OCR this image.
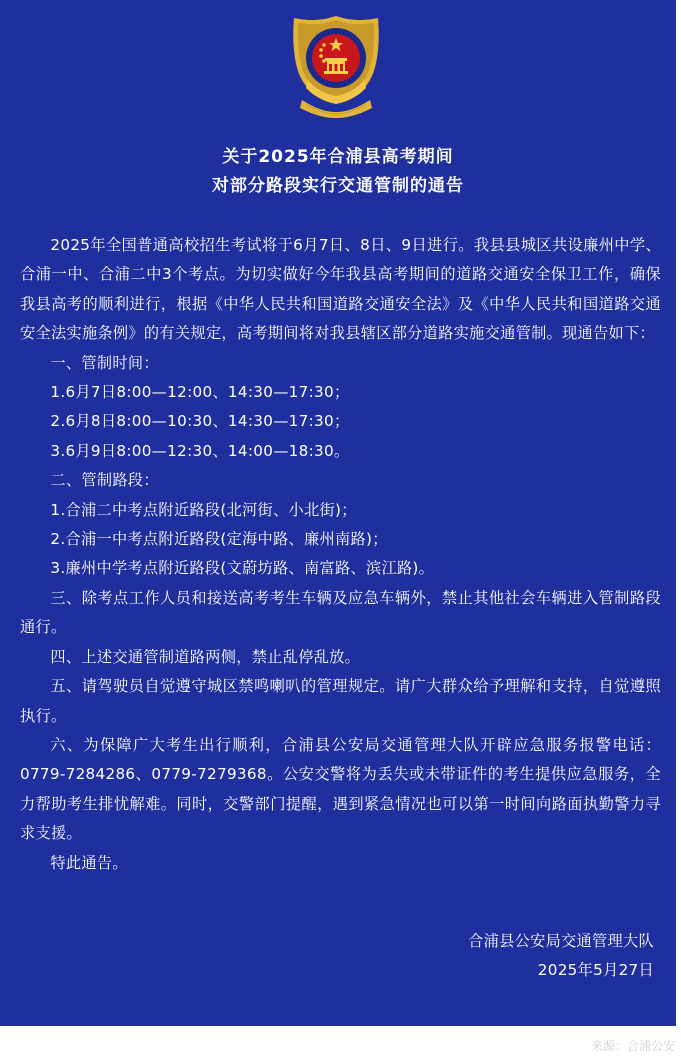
关于2025年合浦县高考期间
对部分路段实行交通管制的通告

2025年全国普通高校招生考试将于6月7日、8日、9日进行。我县县城区共设廉州中学、合浦一中、合浦二中3个考点。为切实做好今年我县高考期间的道路交通安全保卫工作，确保我县高考的顺利进行，根据《中华人民共和国道路交通安全法》及《中华人民共和国道路交通安全法实施条例》的有关规定，高考期间将对我县辖区部分道路实施交通管制。现通告如下：

一、管制时间：

1.6月7日8:00—12:00、14:30—17:30；

2.6月8日8:00—10:30、14:30—17:30；

3.6月9日8:00—12:30、14:00—18:30。

二、管制路段：

1.合浦二中考点附近路段(北河街、小北街)；

2.合浦一中考点附近路段(定海中路、廉州南路)；

3.廉州中学考点附近路段(文蔚坊路、南富路、滨江路)。

三、除考点工作人员和接送高考考生车辆及应急车辆外，禁止其他社会车辆进入管制路段通行。

四、上述交通管制道路两侧，禁止乱停乱放。

五、请驾驶员自觉遵守城区禁鸣喇叭的管理规定。请广大群众给予理解和支持，自觉遵照执行。

六、为保障广大考生出行顺利，合浦县公安局交通管理大队开辟应急服务报警电话：0779-7284286、0779-7279368。公安交警将为丢失或未带证件的考生提供应急服务，全力帮助考生排忧解难。同时，交警部门提醒，遇到紧急情况也可以第一时间向路面执勤警力寻求支援。

特此通告。

合浦县公安局交通管理大队
2025年5月27日
来源：合浦公安
